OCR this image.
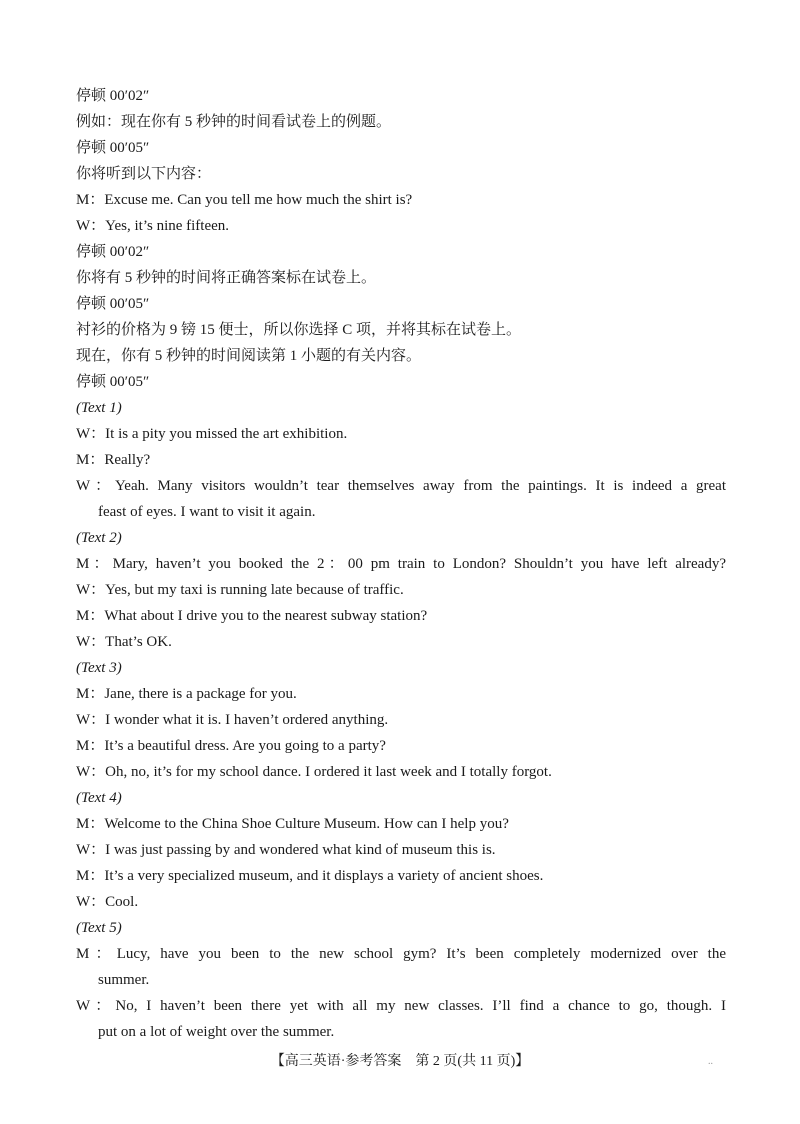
停顿 00′02″
例如：现在你有 5 秒钟的时间看试卷上的例题。
停顿 00′05″
你将听到以下内容：
M：Excuse me. Can you tell me how much the shirt is?
W：Yes, it’s nine fifteen.
停顿 00′02″
你将有 5 秒钟的时间将正确答案标在试卷上。
停顿 00′05″
衬衫的价格为 9 镑 15 便士，所以你选择 C 项，并将其标在试卷上。
现在，你有 5 秒钟的时间阅读第 1 小题的有关内容。
停顿 00′05″
(Text 1)
W：It is a pity you missed the art exhibition.
M：Really?
W：Yeah. Many visitors wouldn’t tear themselves away from the paintings. It is indeed a great
feast of eyes. I want to visit it again.
(Text 2)
M：Mary, haven’t you booked the 2：00 pm train to London? Shouldn’t you have left already?
W：Yes, but my taxi is running late because of traffic.
M：What about I drive you to the nearest subway station?
W：That’s OK.
(Text 3)
M：Jane, there is a package for you.
W：I wonder what it is. I haven’t ordered anything.
M：It’s a beautiful dress. Are you going to a party?
W：Oh, no, it’s for my school dance. I ordered it last week and I totally forgot.
(Text 4)
M：Welcome to the China Shoe Culture Museum. How can I help you?
W：I was just passing by and wondered what kind of museum this is.
M：It’s a very specialized museum, and it displays a variety of ancient shoes.
W：Cool.
(Text 5)
M：Lucy, have you been to the new school gym? It’s been completely modernized over the
summer.
W：No, I haven’t been there yet with all my new classes. I’ll find a chance to go, though. I
put on a lot of weight over the summer.
【高三英语·参考答案　第 2 页(共 11 页)】	..
